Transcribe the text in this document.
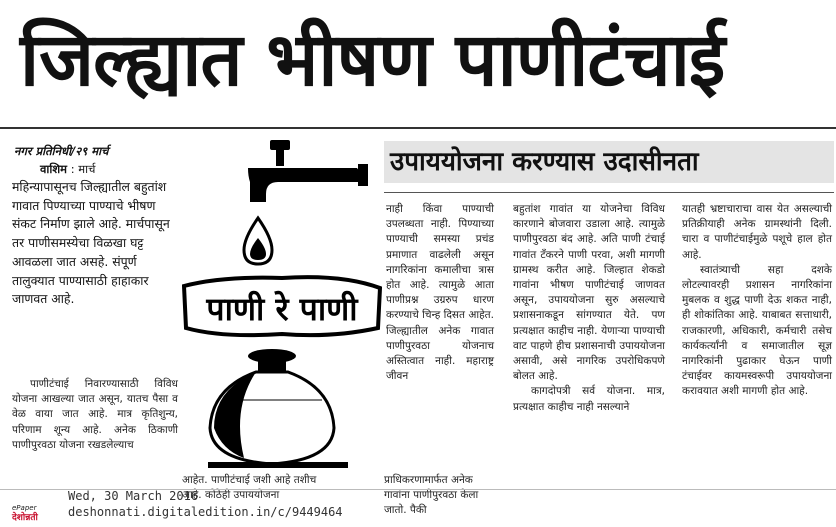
जिल्ह्यात भीषण पाणीटंचाई
नगर प्रतिनिधी/२९ मार्च
वाशिम : मार्च

महिन्यापासूनच जिल्ह्यातील बहुतांश गावात पिण्याच्या पाण्याचे भीषण संकट निर्माण झाले आहे. मार्चपासून तर पाणीसमस्येचा विळखा घट्ट आवळला जात असहे. संपूर्ण तालुक्यात पाण्यासाठी हाहाकार जाणवत आहे.

पाणीटंचाई निवारण्यासाठी विविध योजना आखल्या जात असून, यातच पैसा व वेळ वाया जात आहे. मात्र कृतिशुन्य, परिणाम शून्य आहे. अनेक ठिकाणी पाणीपुरवठा योजना रखडलेल्याच

पाणी रे पाणी
आहेत. पाणीटंचाई जशी आहे तशीच आहे. कोठेही उपाययोजना
प्राधिकरणामार्फत अनेक गावांना पाणीपुरवठा केला जातो. पैकी
उपाययोजना करण्यास उदासीनता

नाही किंवा पाण्याची उपलब्धता नाही. पिण्याच्या पाण्याची समस्या प्रचंड प्रमाणात वाढलेली असून नागरिकांना कमालीचा त्रास होत आहे. त्यामुळे आता पाणीप्रश्न उग्ररुप धारण करण्याचे चिन्ह दिसत आहेत. जिल्ह्यातील अनेक गावात पाणीपुरवठा योजनाच अस्तित्वात नाही. महाराष्ट्र जीवन

बहुतांश गावांत या योजनेचा विविध कारणाने बोजवारा उडाला आहे. त्यामुळे पाणीपुरवठा बंद आहे. अति पाणी टंचाई गावांत टँकरने पाणी परवा, अशी मागणी ग्रामस्थ करीत आहे. जिल्हात शेकडो गावांना भीषण पाणीटंचाई जाणवत असून, उपाययोजना सुरु असल्याचे प्रशासनाकडून सांगण्यात येते. पण प्रत्यक्षात काहीच नाही. येणाऱ्या पाण्याची वाट पाहणे हीच प्रशासनाची उपाययोजना असावी, असे नागरिक उपरोधिकपणे बोलत आहे.

कागदोपत्री सर्व योजना. मात्र, प्रत्यक्षात काहीच नाही नसल्याने

यातही भ्रष्टाचाराचा वास येत असल्याची प्रतिक्रीयाही अनेक ग्रामस्थांनी दिली. चारा व पाणीटंचाईमुळे पशूचे हाल होत आहे.

स्वातंत्र्याची सहा दशके लोटल्यावरही प्रशासन नागरिकांना मुबलक व शुद्ध पाणी देऊ शकत नाही, ही शोकांतिका आहे. याबाबत सत्ताधारी, राजकारणी, अधिकारी, कर्मचारी तसेच कार्यकर्त्यांनी व समाजातील सूज्ञ नागरिकांनी पुढाकार घेऊन पाणी टंचाईवर कायमस्वरूपी उपाययोजना करावयात अशी मागणी होत आहे.

ePaper
देशोन्नती
Wed, 30 March 2016
deshonnati.digitaledition.in/c/9449464
